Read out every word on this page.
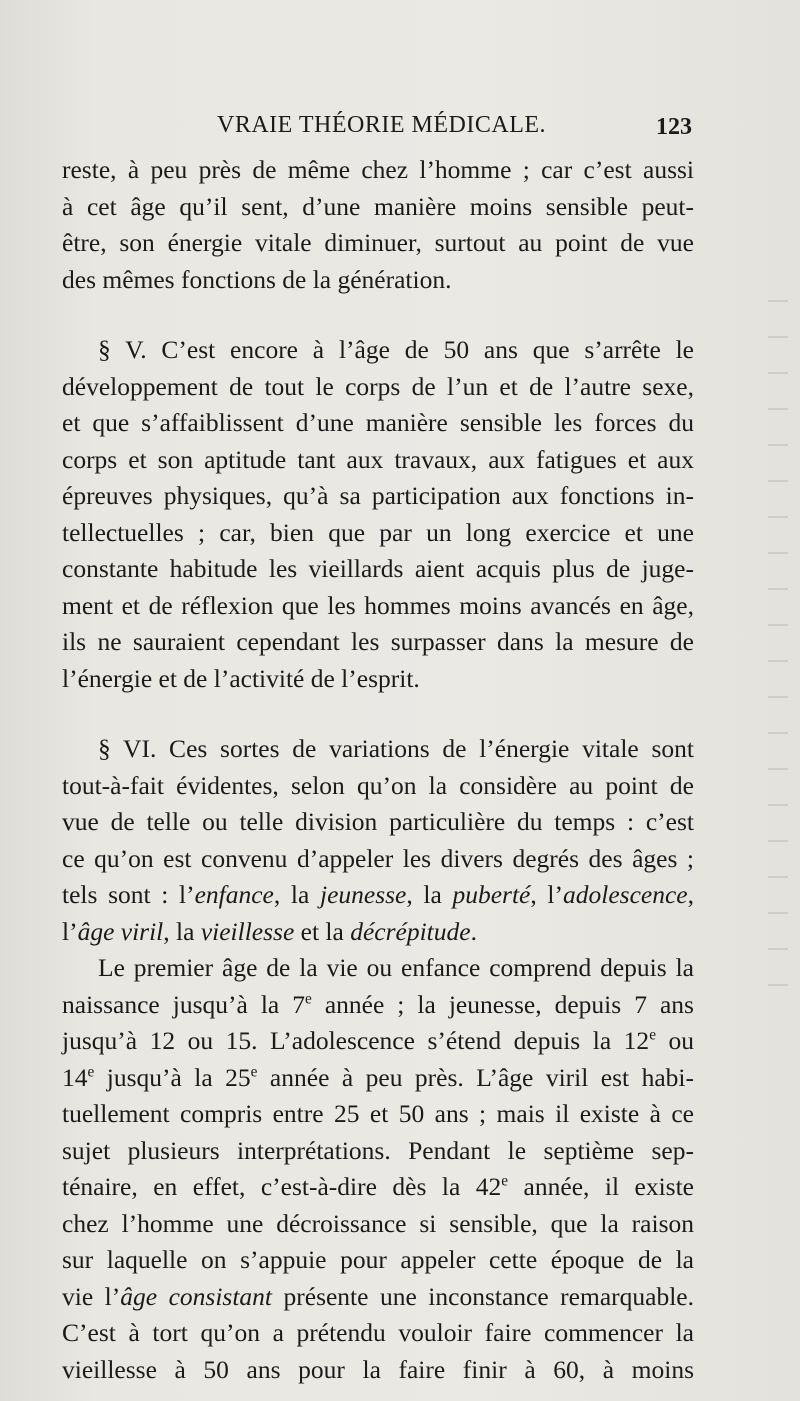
VRAIE THÉORIE MÉDICALE.	123
reste, à peu près de même chez l’homme ; car c’est aussi
à cet âge qu’il sent, d’une manière moins sensible peut-
être, son énergie vitale diminuer, surtout au point de vue
des mêmes fonctions de la génération.
§ V. C’est encore à l’âge de 50 ans que s’arrête le
développement de tout le corps de l’un et de l’autre sexe,
et que s’affaiblissent d’une manière sensible les forces du
corps et son aptitude tant aux travaux, aux fatigues et aux
épreuves physiques, qu’à sa participation aux fonctions in-
tellectuelles ; car, bien que par un long exercice et une
constante habitude les vieillards aient acquis plus de juge-
ment et de réflexion que les hommes moins avancés en âge,
ils ne sauraient cependant les surpasser dans la mesure de
l’énergie et de l’activité de l’esprit.
§ VI. Ces sortes de variations de l’énergie vitale sont
tout-à-fait évidentes, selon qu’on la considère au point de
vue de telle ou telle division particulière du temps : c’est
ce qu’on est convenu d’appeler les divers degrés des âges ;
tels sont : l’enfance, la jeunesse, la puberté, l’adolescence,
l’âge viril, la vieillesse et la décrépitude.
Le premier âge de la vie ou enfance comprend depuis la
naissance jusqu’à la 7e année ; la jeunesse, depuis 7 ans
jusqu’à 12 ou 15. L’adolescence s’étend depuis la 12e ou
14e jusqu’à la 25e année à peu près. L’âge viril est habi-
tuellement compris entre 25 et 50 ans ; mais il existe à ce
sujet plusieurs interprétations. Pendant le septième sep-
ténaire, en effet, c’est-à-dire dès la 42e année, il existe
chez l’homme une décroissance si sensible, que la raison
sur laquelle on s’appuie pour appeler cette époque de la
vie l’âge consistant présente une inconstance remarquable.
C’est à tort qu’on a prétendu vouloir faire commencer la
vieillesse à 50 ans pour la faire finir à 60, à moins
